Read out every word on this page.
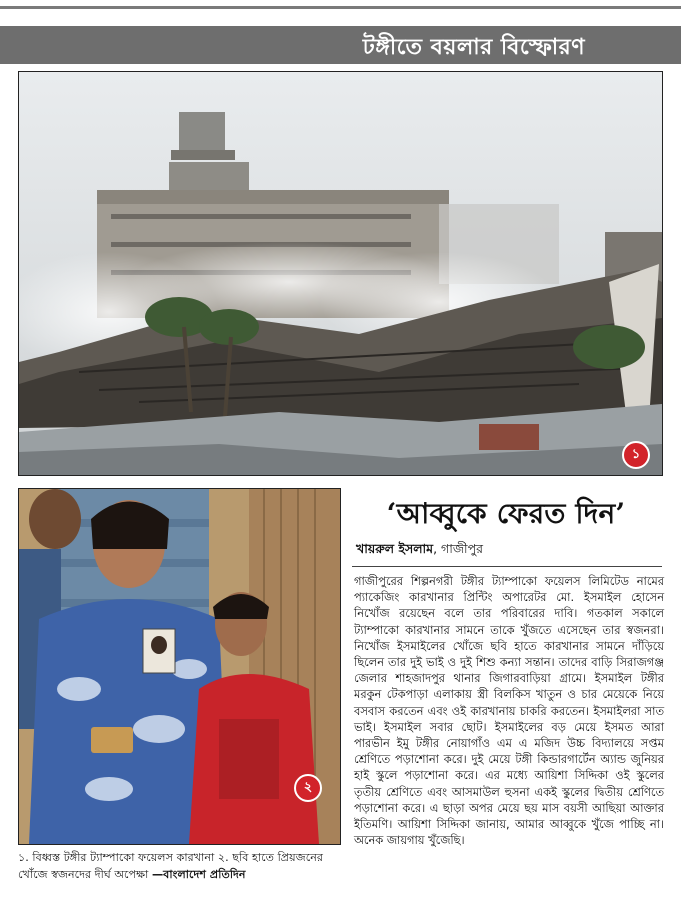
টঙ্গীতে বয়লার বিস্ফোরণ
১
২
‘আব্বুকে ফেরত দিন’
খায়রুল ইসলাম, গাজীপুর
গাজীপুরের শিল্পনগরী টঙ্গীর ট্যাম্পাকো ফয়েলস লিমিটেড নামের প্যাকেজিং কারখানার প্রিন্টিং অপারেটর মো. ইসমাইল হোসেন নিখোঁজ রয়েছেন বলে তার পরিবারের দাবি। গতকাল সকালে ট্যাম্পাকো কারখানার সামনে তাকে খুঁজতে এসেছেন তার স্বজনরা। নিখোঁজ ইসমাইলের খোঁজে ছবি হাতে কারখানার সামনে দাঁড়িয়ে ছিলেন তার দুই ভাই ও দুই শিশু কন্যা সন্তান। তাদের বাড়ি সিরাজগঞ্জ জেলার শাহজাদপুর থানার জিগারবাড়িয়া গ্রামে। ইসমাইল টঙ্গীর মরকুন টেকপাড়া এলাকায় স্ত্রী বিলকিস খাতুন ও চার মেয়েকে নিয়ে বসবাস করতেন এবং ওই কারখানায় চাকরি করতেন। ইসমাইলরা সাত ভাই। ইসমাইল সবার ছোট। ইসমাইলের বড় মেয়ে ইসমত আরা পারভীন ইমু টঙ্গীর নোয়াগাঁও এম এ মজিদ উচ্চ বিদ্যালয়ে সপ্তম শ্রেণিতে পড়াশোনা করে। দুই মেয়ে টঙ্গী কিন্ডারগার্টেন অ্যান্ড জুনিয়র হাই স্কুলে পড়াশোনা করে। এর মধ্যে আয়িশা সিদ্দিকা ওই স্কুলের তৃতীয় শ্রেণিতে এবং আসমাউল হুসনা একই স্কুলের দ্বিতীয় শ্রেণিতে পড়াশোনা করে। এ ছাড়া অপর মেয়ে ছয় মাস বয়সী আছিয়া আক্তার ইতিমণি। আয়িশা সিদ্দিকা জানায়, আমার আব্বুকে খুঁজে পাচ্ছি না। অনেক জায়গায় খুঁজেছি।
১. বিধ্বস্ত টঙ্গীর ট্যাম্পাকো ফয়েলস কারখানা ২. ছবি হাতে প্রিয়জনের খোঁজে স্বজনদের দীর্ঘ অপেক্ষা —বাংলাদেশ প্রতিদিন
